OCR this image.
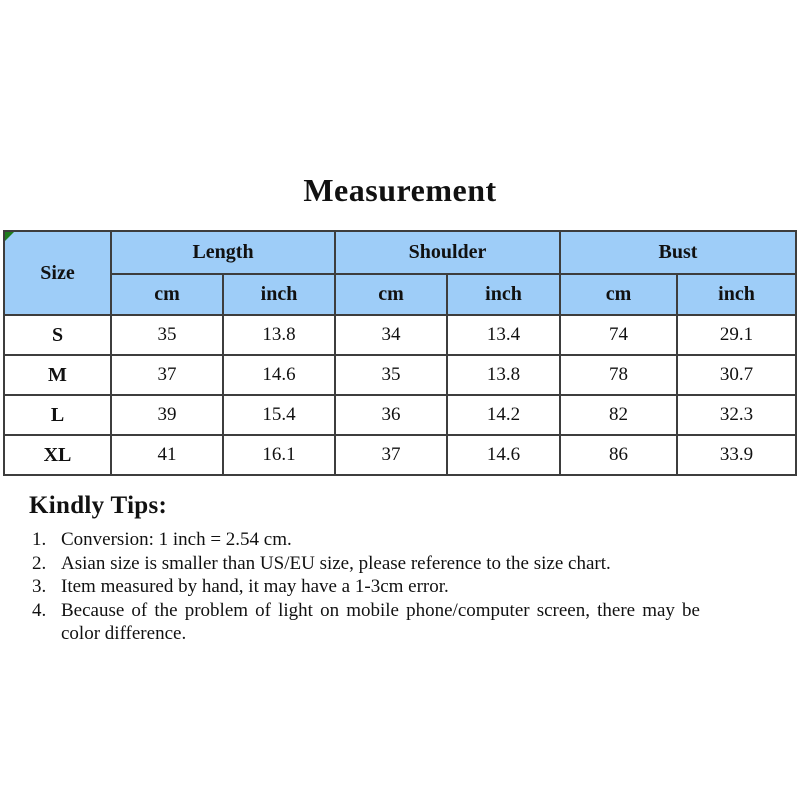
Measurement
Size	Length		Shoulder		Bust	
	cm	inch	cm	inch	cm	inch
S	35	13.8	34	13.4	74	29.1
M	37	14.6	35	13.8	78	30.7
L	39	15.4	36	14.2	82	32.3
XL	41	16.1	37	14.6	86	33.9
Kindly Tips:
1. Conversion: 1 inch = 2.54 cm.
2. Asian size is smaller than US/EU size, please reference to the size chart.
3. Item measured by hand, it may have a 1-3cm error.
4. Because of the problem of light on mobile phone/computer screen, there may be color difference.
